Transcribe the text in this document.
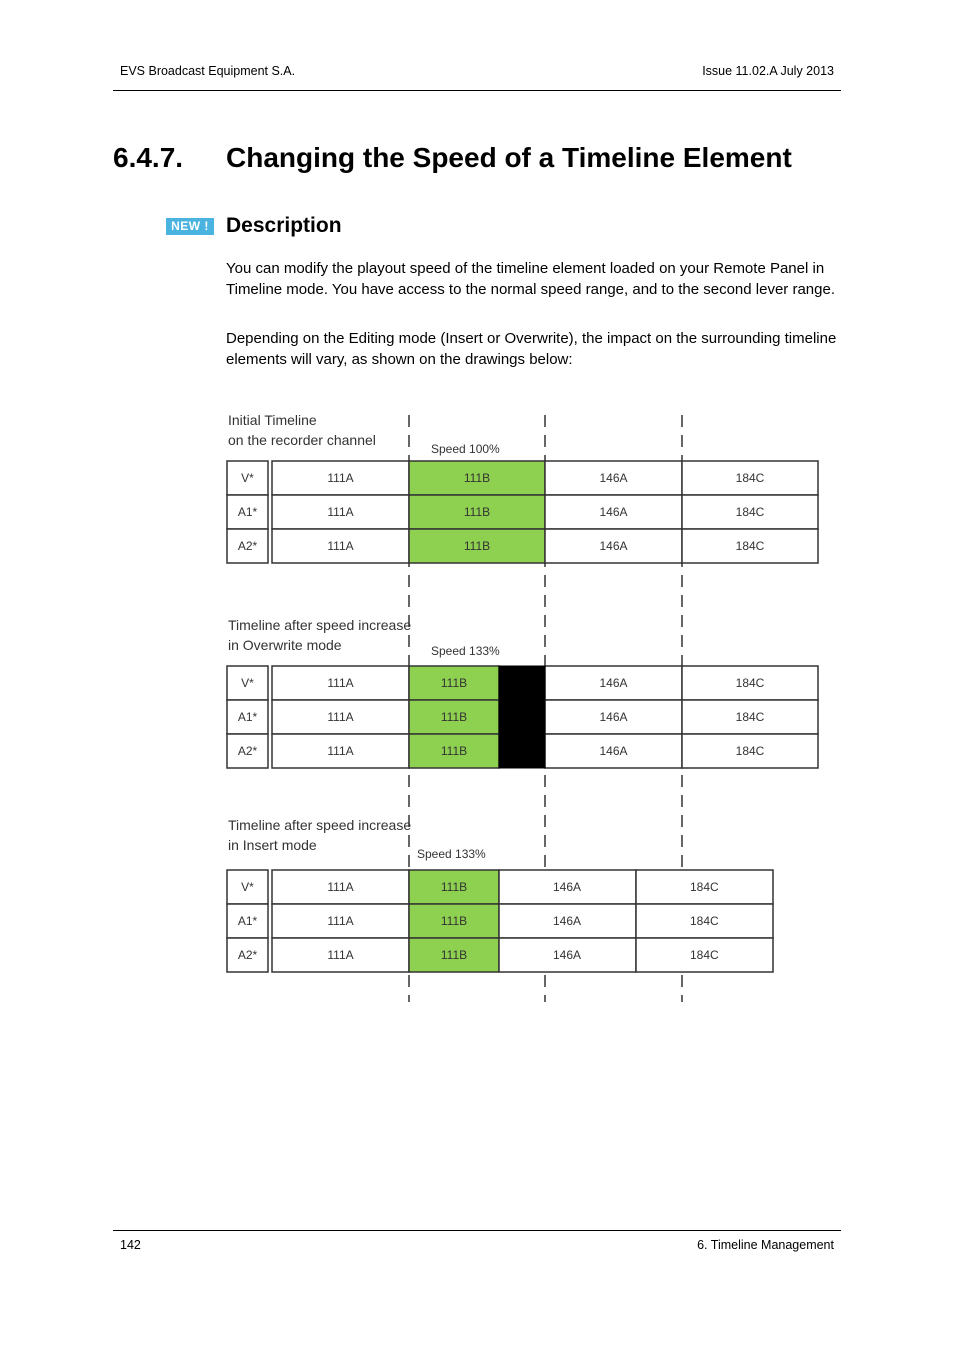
EVS Broadcast Equipment S.A.	Issue 11.02.A July 2013
6.4.7. Changing the Speed of a Timeline Element
NEW ! Description

You can modify the playout speed of the timeline element loaded on your Remote Panel in Timeline mode. You have access to the normal speed range, and to the second lever range.

Depending on the Editing mode (Insert or Overwrite), the impact on the surrounding timeline elements will vary, as shown on the drawings below:

Initial Timeline
on the recorder channel
Speed 100%
V*	111A	111B	146A	184C
A1*	111A	111B	146A	184C
A2*	111A	111B	146A	184C
Timeline after speed increase
in Overwrite mode	Speed 133%
V*	111A	111B	146A	184C
A1*	111A	111B	146A	184C
A2*	111A	111B	146A	184C
Timeline after speed increase
in Insert mode
Speed 133%
V*	111A	111B	146A	184C
A1*	111A	111B	146A	184C
A2*	111A	111B	146A	184C
142	6. Timeline Management
